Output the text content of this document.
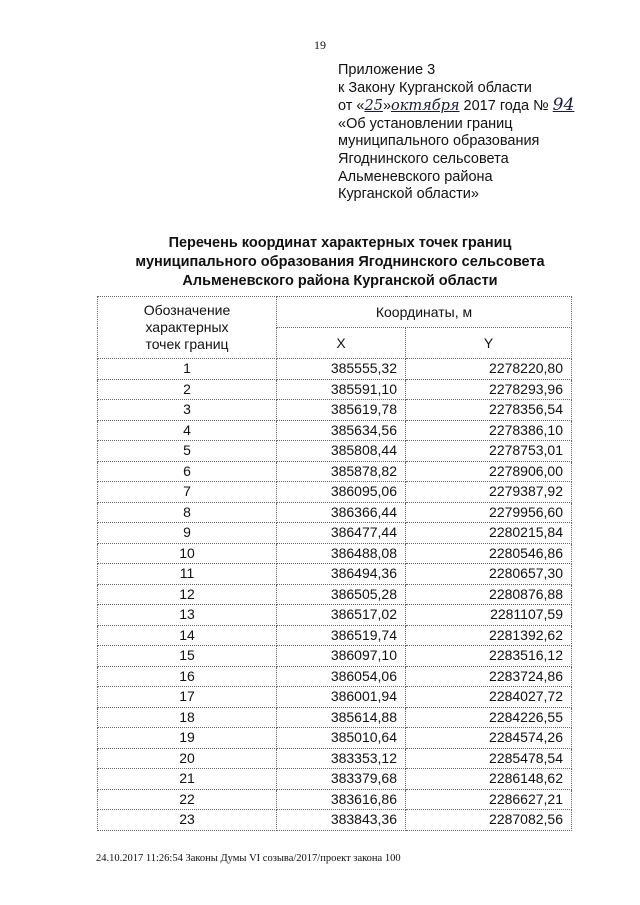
19
Приложение 3
к Закону Курганской области
от «25»октября 2017 года № 94
«Об установлении границ
муниципального образования
Ягоднинского сельсовета
Альменевского района
Курганской области»
Перечень координат характерных точек границ
муниципального образования Ягоднинского сельсовета
Альменевского района Курганской области
Обозначение характерных точек границ	Координаты, м	
	X	Y
1	385555,32	2278220,80
2	385591,10	2278293,96
3	385619,78	2278356,54
4	385634,56	2278386,10
5	385808,44	2278753,01
6	385878,82	2278906,00
7	386095,06	2279387,92
8	386366,44	2279956,60
9	386477,44	2280215,84
10	386488,08	2280546,86
11	386494,36	2280657,30
12	386505,28	2280876,88
13	386517,02	2281107,59
14	386519,74	2281392,62
15	386097,10	2283516,12
16	386054,06	2283724,86
17	386001,94	2284027,72
18	385614,88	2284226,55
19	385010,64	2284574,26
20	383353,12	2285478,54
21	383379,68	2286148,62
22	383616,86	2286627,21
23	383843,36	2287082,56
24.10.2017 11:26:54 Законы Думы VI созыва/2017/проект закона 100
